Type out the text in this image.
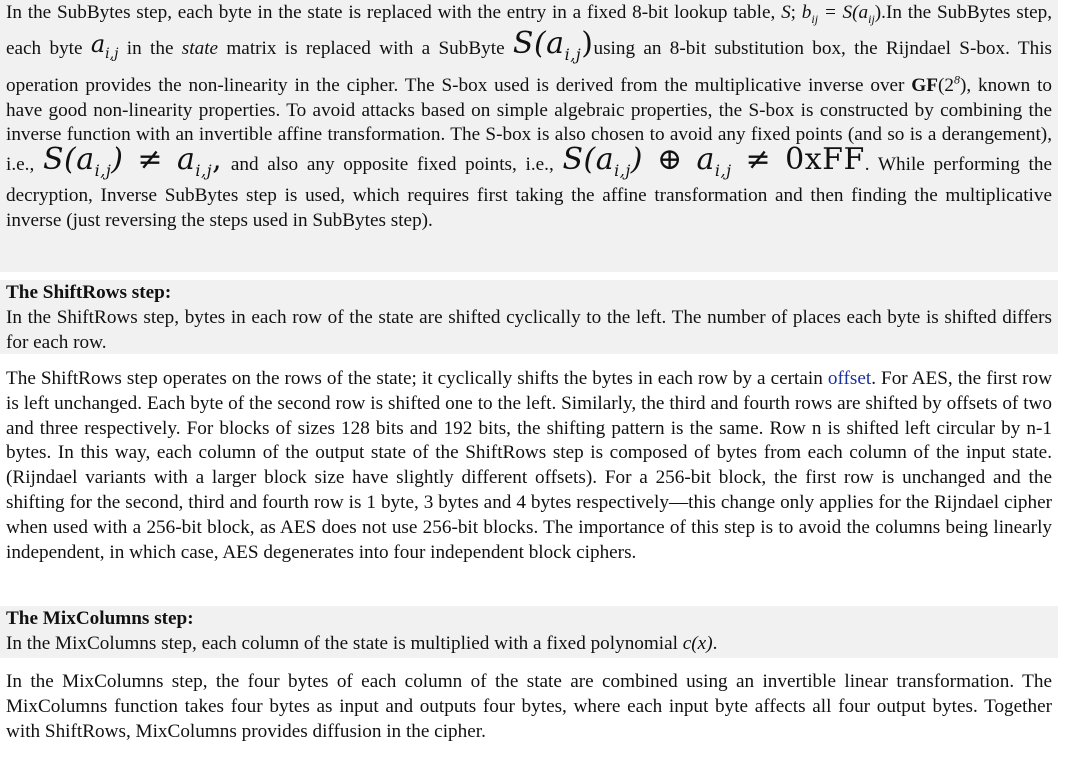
In the SubBytes step, each byte in the state is replaced with the entry in a fixed 8-bit lookup table, S; $b_{ij} = S(a_{ij}).In$ the SubBytes step, each byte $a_{i,j}$ in the state matrix is replaced with a SubByte $S(a_{i,j})using$ an 8-bit substitution box, the Rijndael S-box. This operation provides the non-linearity in the cipher. The S-box used is derived from the multiplicative inverse over $GF(2^8)$, known to have good non-linearity properties. To avoid attacks based on simple algebraic properties, the S-box is constructed by combining the inverse function with an invertible affine transformation. The S-box is also chosen to avoid any fixed points (and so is a derangement), i.e., $S(a_{i,j}) \ne a_{i,j}$, and also any opposite fixed points, i.e., $S(a_{i,j})$ ⊕ $a_{i,j} \ne 0xFF$. While performing the decryption, Inverse SubBytes step is used, which requires first taking the affine transformation and then finding the multiplicative inverse (just reversing the steps used in SubBytes step).
The ShiftRows step:
In the ShiftRows step, bytes in each row of the state are shifted cyclically to the left. The number of places each byte is shifted differs for each row.
The ShiftRows step operates on the rows of the state; it cyclically shifts the bytes in each row by a certain offset. For AES, the first row is left unchanged. Each byte of the second row is shifted one to the left. Similarly, the third and fourth rows are shifted by offsets of two and three respectively. For blocks of sizes 128 bits and 192 bits, the shifting pattern is the same. Row n is shifted left circular by n-1 bytes. In this way, each column of the output state of the ShiftRows step is composed of bytes from each column of the input state. (Rijndael variants with a larger block size have slightly different offsets). For a 256-bit block, the first row is unchanged and the shifting for the second, third and fourth row is 1 byte, 3 bytes and 4 bytes respectively—this change only applies for the Rijndael cipher when used with a 256-bit block, as AES does not use 256-bit blocks. The importance of this step is to avoid the columns being linearly independent, in which case, AES degenerates into four independent block ciphers.
The MixColumns step:
In the MixColumns step, each column of the state is multiplied with a fixed polynomial c(x).
In the MixColumns step, the four bytes of each column of the state are combined using an invertible linear transformation. The MixColumns function takes four bytes as input and outputs four bytes, where each input byte affects all four output bytes. Together with ShiftRows, MixColumns provides diffusion in the cipher.
